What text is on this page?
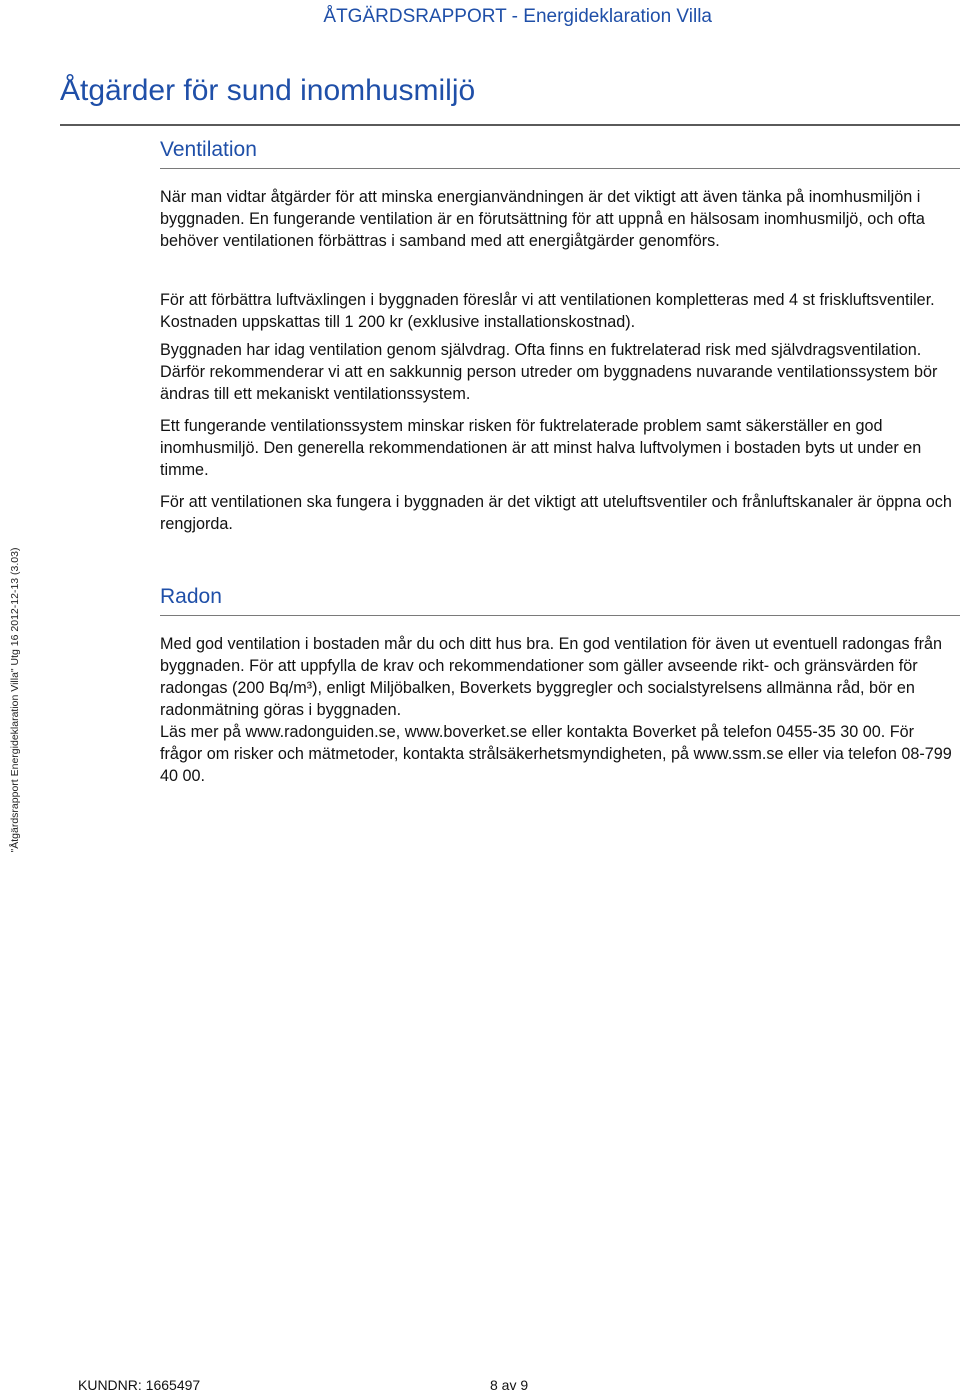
ÅTGÄRDSRAPPORT - Energideklaration Villa
Åtgärder för sund inomhusmiljö
Ventilation

När man vidtar åtgärder för att minska energianvändningen är det viktigt att även tänka på inomhusmiljön i byggnaden. En fungerande ventilation är en förutsättning för att uppnå en hälsosam inomhusmiljö, och ofta behöver ventilationen förbättras i samband med att energiåtgärder genomförs.

För att förbättra luftväxlingen i byggnaden föreslår vi att ventilationen kompletteras med 4 st friskluftsventiler. Kostnaden uppskattas till 1 200 kr (exklusive installationskostnad).

Byggnaden har idag ventilation genom självdrag. Ofta finns en fuktrelaterad risk med självdragsventilation. Därför rekommenderar vi att en sakkunnig person utreder om byggnadens nuvarande ventilationssystem bör ändras till ett mekaniskt ventilationssystem.

Ett fungerande ventilationssystem minskar risken för fuktrelaterade problem samt säkerställer en god inomhusmiljö. Den generella rekommendationen är att minst halva luftvolymen i bostaden byts ut under en timme.

För att ventilationen ska fungera i byggnaden är det viktigt att uteluftsventiler och frånluftskanaler är öppna och rengjorda.

Radon

Med god ventilation i bostaden mår du och ditt hus bra. En god ventilation för även ut eventuell radongas från byggnaden. För att uppfylla de krav och rekommendationer som gäller avseende rikt- och gränsvärden för radongas (200 Bq/m³), enligt Miljöbalken, Boverkets byggregler och socialstyrelsens allmänna råd, bör en radonmätning göras i byggnaden.

Läs mer på www.radonguiden.se, www.boverket.se eller kontakta Boverket på telefon 0455-35 30 00. För frågor om risker och mätmetoder, kontakta strålsäkerhetsmyndigheten, på www.ssm.se eller via telefon 08-799 40 00.

"Åtgärdsrapport Energideklaration Villa" Utg 16 2012-12-13 (3.03)
KUNDNR: 1665497	8 av 9
